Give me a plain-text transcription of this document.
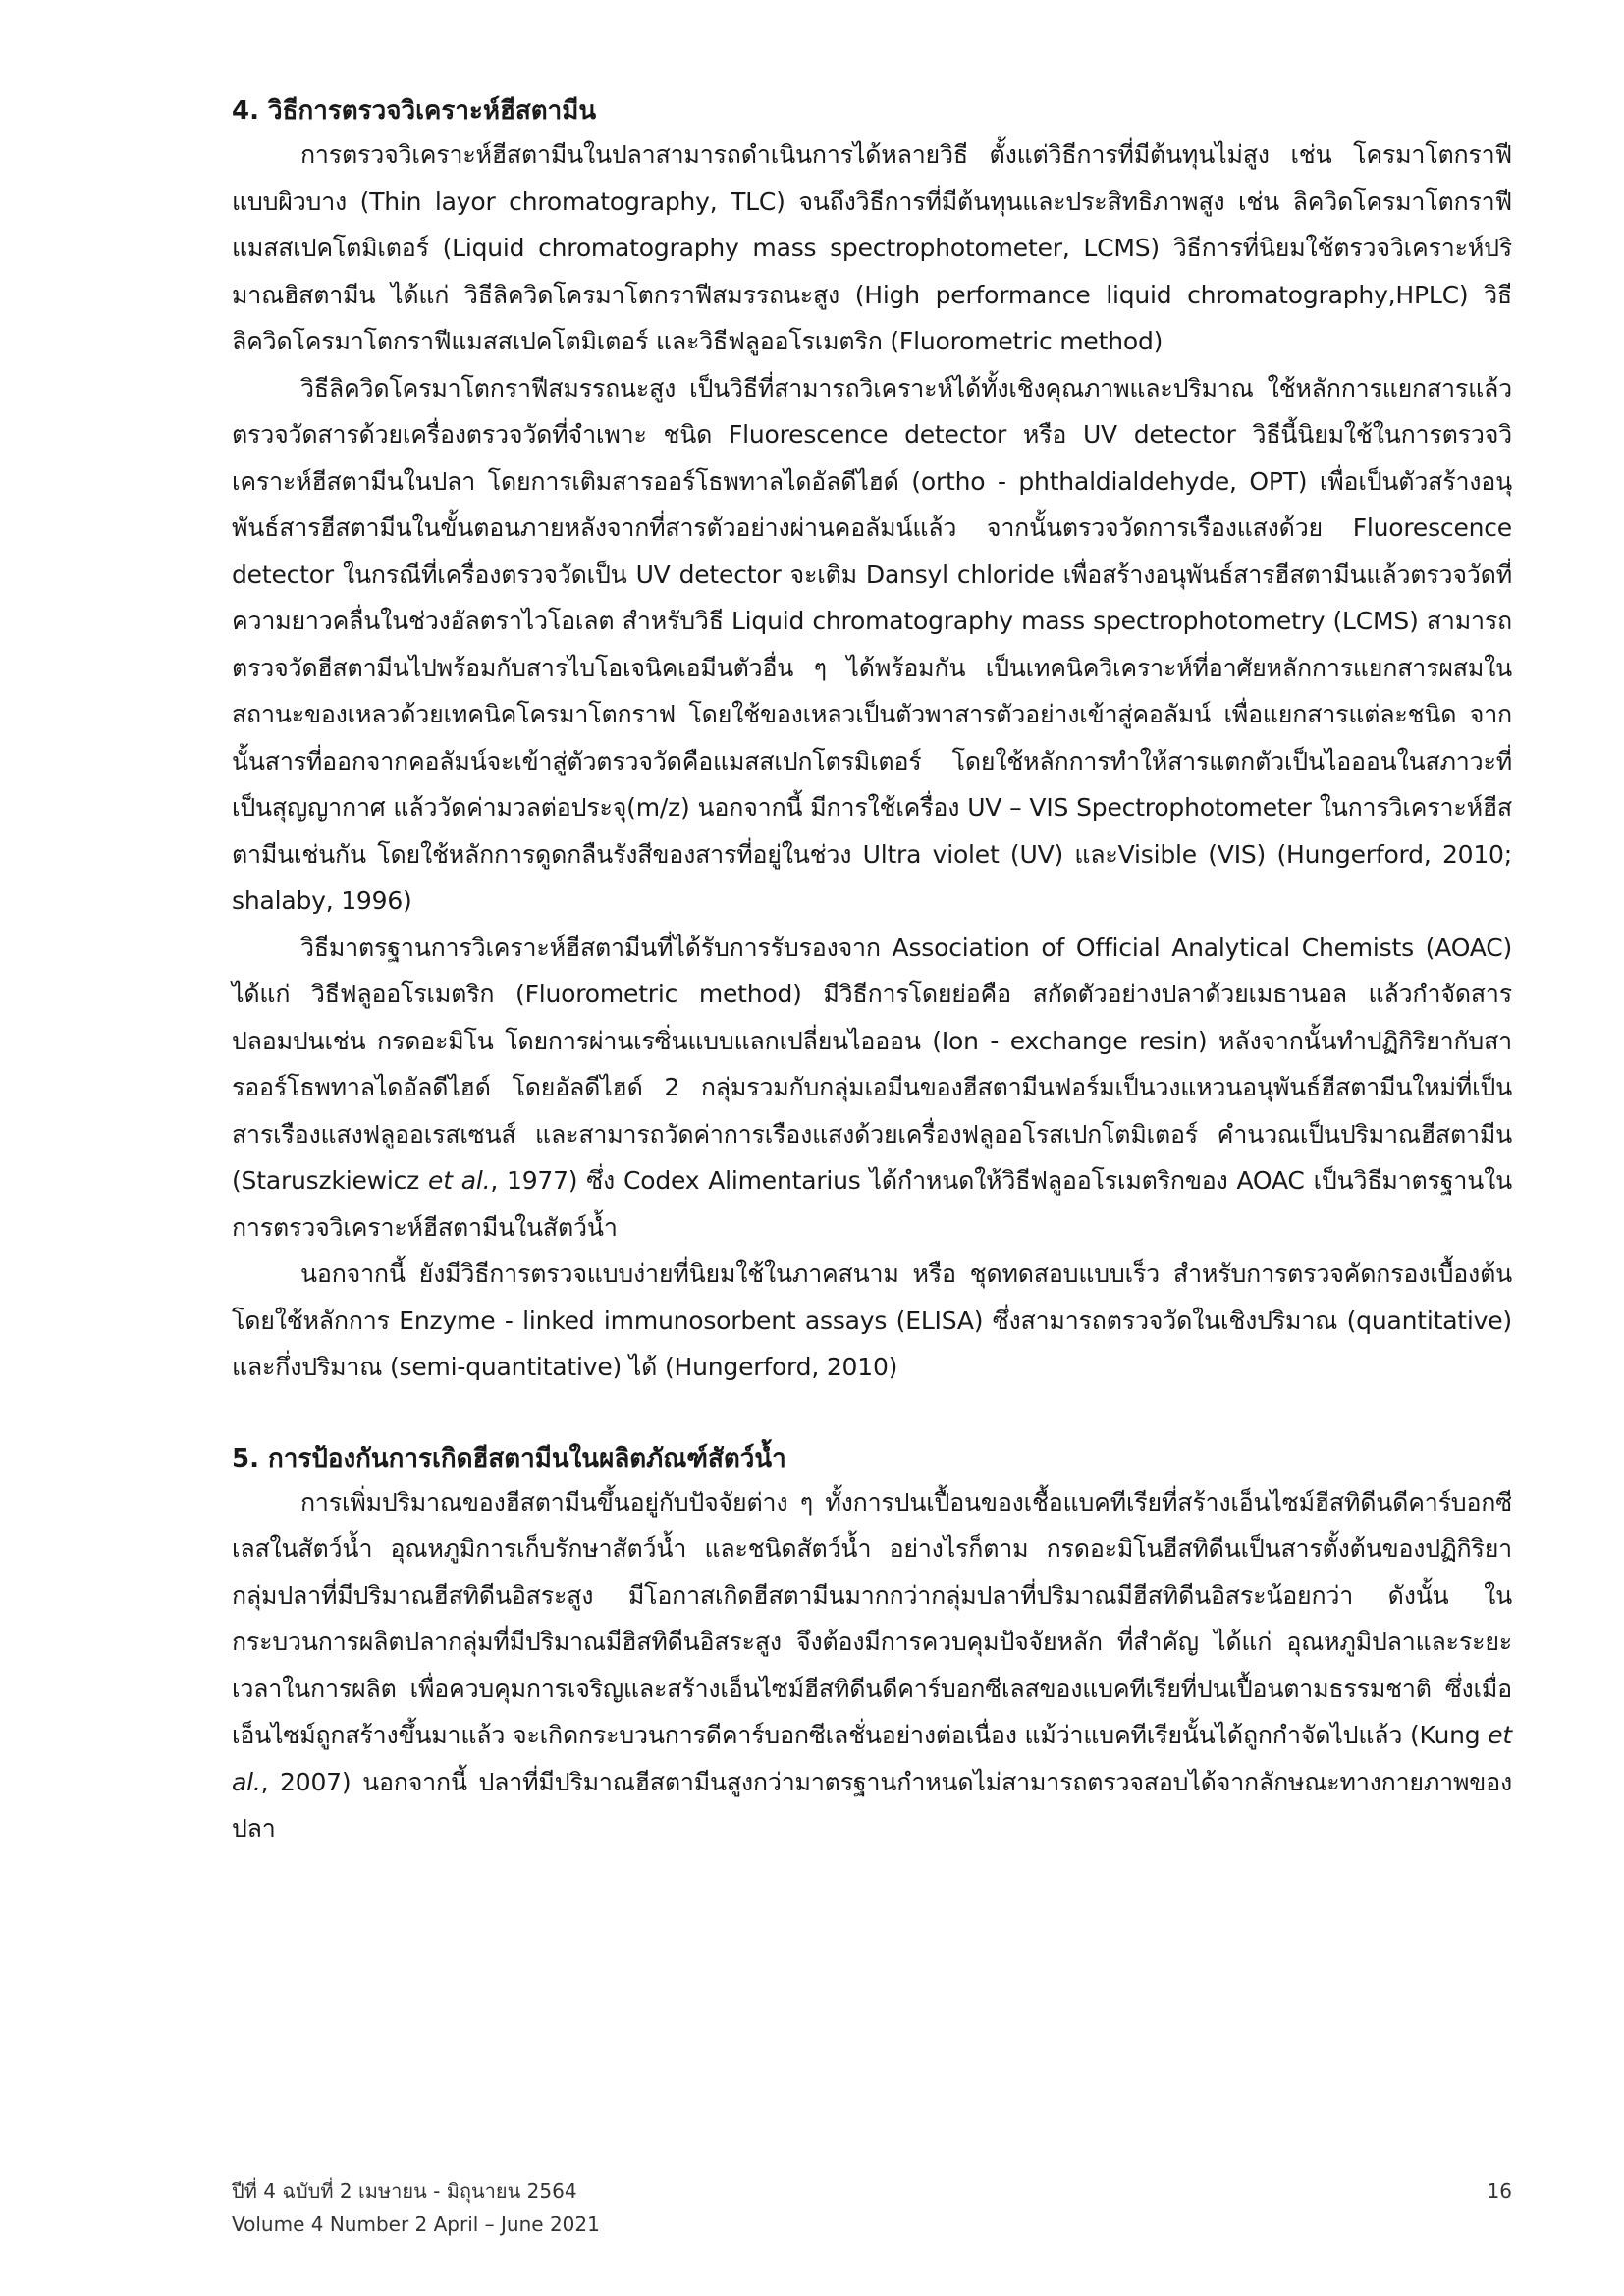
4. วิธีการตรวจวิเคราะห์ฮีสตามีน

การตรวจวิเคราะห์ฮีสตามีนในปลาสามารถดำเนินการได้หลายวิธี ตั้งแต่วิธีการที่มีต้นทุนไม่สูง เช่น โครมาโตกราฟีแบบผิวบาง (Thin layor chromatography, TLC) จนถึงวิธีการที่มีต้นทุนและประสิทธิภาพสูง เช่น ลิควิดโครมาโตกราฟีแมสสเปคโตมิเตอร์ (Liquid chromatography mass spectrophotometer, LCMS) วิธีการที่นิยมใช้ตรวจวิเคราะห์ปริมาณฮิสตามีน ได้แก่ วิธีลิควิดโครมาโตกราฟีสมรรถนะสูง (High performance liquid chromatography,HPLC) วิธีลิควิดโครมาโตกราฟีแมสสเปคโตมิเตอร์ และวิธีฟลูออโรเมตริก (Fluorometric method)

วิธีลิควิดโครมาโตกราฟีสมรรถนะสูง เป็นวิธีที่สามารถวิเคราะห์ได้ทั้งเชิงคุณภาพและปริมาณ ใช้หลักการแยกสารแล้วตรวจวัดสารด้วยเครื่องตรวจวัดที่จำเพาะ ชนิด Fluorescence detector หรือ UV detector วิธีนี้นิยมใช้ในการตรวจวิเคราะห์ฮีสตามีนในปลา โดยการเติมสารออร์โธพทาลไดอัลดีไฮด์ (ortho - phthaldialdehyde, OPT) เพื่อเป็นตัวสร้างอนุพันธ์สารฮีสตามีนในขั้นตอนภายหลังจากที่สารตัวอย่างผ่านคอลัมน์แล้ว จากนั้นตรวจวัดการเรืองแสงด้วย Fluorescence detector ในกรณีที่เครื่องตรวจวัดเป็น UV detector จะเติม Dansyl chloride เพื่อสร้างอนุพันธ์สารฮีสตามีนแล้วตรวจวัดที่ความยาวคลื่นในช่วงอัลตราไวโอเลต สำหรับวิธี Liquid chromatography mass spectrophotometry (LCMS) สามารถตรวจวัดฮีสตามีนไปพร้อมกับสารไบโอเจนิคเอมีนตัวอื่น ๆ ได้พร้อมกัน เป็นเทคนิควิเคราะห์ที่อาศัยหลักการแยกสารผสมในสถานะของเหลวด้วยเทคนิคโครมาโตกราฟ โดยใช้ของเหลวเป็นตัวพาสารตัวอย่างเข้าสู่คอลัมน์ เพื่อแยกสารแต่ละชนิด จากนั้นสารที่ออกจากคอลัมน์จะเข้าสู่ตัวตรวจวัดคือแมสสเปกโตรมิเตอร์ โดยใช้หลักการทำให้สารแตกตัวเป็นไอออนในสภาวะที่เป็นสุญญากาศ แล้ววัดค่ามวลต่อประจุ(m/z) นอกจากนี้ มีการใช้เครื่อง UV – VIS Spectrophotometer ในการวิเคราะห์ฮีสตามีนเช่นกัน โดยใช้หลักการดูดกลืนรังสีของสารที่อยู่ในช่วง Ultra violet (UV) และVisible (VIS) (Hungerford, 2010; shalaby, 1996)

วิธีมาตรฐานการวิเคราะห์ฮีสตามีนที่ได้รับการรับรองจาก Association of Official Analytical Chemists (AOAC) ได้แก่ วิธีฟลูออโรเมตริก (Fluorometric method) มีวิธีการโดยย่อคือ สกัดตัวอย่างปลาด้วยเมธานอล แล้วกำจัดสารปลอมปนเช่น กรดอะมิโน โดยการผ่านเรซิ่นแบบแลกเปลี่ยนไอออน (Ion - exchange resin) หลังจากนั้นทำปฏิกิริยากับสารออร์โธพทาลไดอัลดีไฮด์ โดยอัลดีไฮด์ 2 กลุ่มรวมกับกลุ่มเอมีนของฮีสตามีนฟอร์มเป็นวงแหวนอนุพันธ์ฮีสตามีนใหม่ที่เป็นสารเรืองแสงฟลูออเรสเซนส์ และสามารถวัดค่าการเรืองแสงด้วยเครื่องฟลูออโรสเปกโตมิเตอร์ คำนวณเป็นปริมาณฮีสตามีน (Staruszkiewicz et al., 1977) ซึ่ง Codex Alimentarius ได้กำหนดให้วิธีฟลูออโรเมตริกของ AOAC เป็นวิธีมาตรฐานในการตรวจวิเคราะห์ฮีสตามีนในสัตว์น้ำ

นอกจากนี้ ยังมีวิธีการตรวจแบบง่ายที่นิยมใช้ในภาคสนาม หรือ ชุดทดสอบแบบเร็ว สำหรับการตรวจคัดกรองเบื้องต้น โดยใช้หลักการ Enzyme - linked immunosorbent assays (ELISA) ซึ่งสามารถตรวจวัดในเชิงปริมาณ (quantitative) และกึ่งปริมาณ (semi-quantitative) ได้ (Hungerford, 2010)

5. การป้องกันการเกิดฮีสตามีนในผลิตภัณฑ์สัตว์น้ำ

การเพิ่มปริมาณของฮีสตามีนขึ้นอยู่กับปัจจัยต่าง ๆ ทั้งการปนเปื้อนของเชื้อแบคทีเรียที่สร้างเอ็นไซม์ฮีสทิดีนดีคาร์บอกซีเลสในสัตว์น้ำ อุณหภูมิการเก็บรักษาสัตว์น้ำ และชนิดสัตว์น้ำ อย่างไรก็ตาม กรดอะมิโนฮีสทิดีนเป็นสารตั้งต้นของปฏิกิริยา กลุ่มปลาที่มีปริมาณฮีสทิดีนอิสระสูง มีโอกาสเกิดฮีสตามีนมากกว่ากลุ่มปลาที่ปริมาณมีฮีสทิดีนอิสระน้อยกว่า ดังนั้น ในกระบวนการผลิตปลากลุ่มที่มีปริมาณมีฮิสทิดีนอิสระสูง จึงต้องมีการควบคุมปัจจัยหลัก ที่สำคัญ ได้แก่ อุณหภูมิปลาและระยะเวลาในการผลิต เพื่อควบคุมการเจริญและสร้างเอ็นไซม์ฮีสทิดีนดีคาร์บอกซีเลสของแบคทีเรียที่ปนเปื้อนตามธรรมชาติ ซึ่งเมื่อเอ็นไซม์ถูกสร้างขึ้นมาแล้ว จะเกิดกระบวนการดีคาร์บอกซีเลชั่นอย่างต่อเนื่อง แม้ว่าแบคทีเรียนั้นได้ถูกกำจัดไปแล้ว (Kung et al., 2007) นอกจากนี้ ปลาที่มีปริมาณฮีสตามีนสูงกว่ามาตรฐานกำหนดไม่สามารถตรวจสอบได้จากลักษณะทางกายภาพของปลา

ปีที่ 4 ฉบับที่ 2 เมษายน - มิถุนายน 2564
Volume 4 Number 2 April – June 2021
16
